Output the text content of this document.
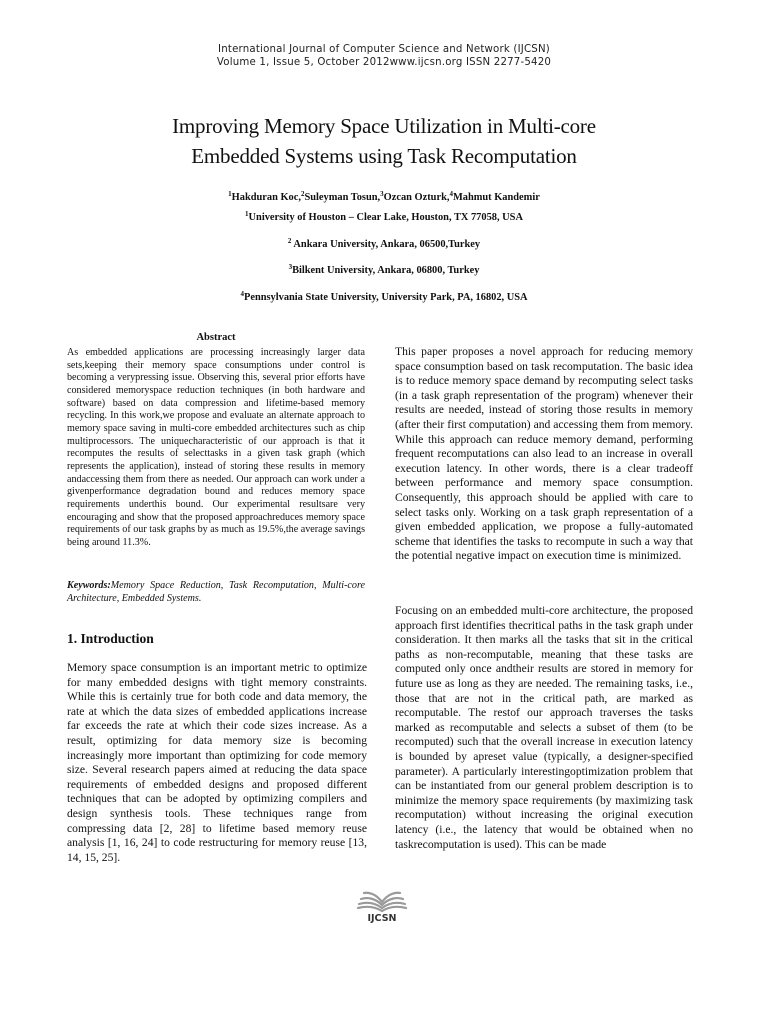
International Journal of Computer Science and Network (IJCSN)
Volume 1, Issue 5, October 2012www.ijcsn.org ISSN 2277-5420
Improving Memory Space Utilization in Multi-core
Embedded Systems using Task Recomputation
$^1$Hakduran Koc,$^2$Suleyman Tosun,$^3$Ozcan Ozturk,$^4$Mahmut Kandemir
$^1$University of Houston – Clear Lake, Houston, TX 77058, USA
$^2$ Ankara University, Ankara, 06500,Turkey
$^3$Bilkent University, Ankara, 06800, Turkey
$^4$Pennsylvania State University, University Park, PA, 16802, USA
Abstract
As embedded applications are processing increasingly larger data sets,keeping their memory space consumptions under control is becoming a verypressing issue. Observing this, several prior efforts have considered memoryspace reduction techniques (in both hardware and software) based on data compression and lifetime-based memory recycling. In this work,we propose and evaluate an alternate approach to memory space saving in multi-core embedded architectures such as chip multiprocessors. The uniquecharacteristic of our approach is that it recomputes the results of selecttasks in a given task graph (which represents the application), instead of storing these results in memory andaccessing them from there as needed. Our approach can work under a givenperformance degradation bound and reduces memory space requirements underthis bound. Our experimental resultsare very encouraging and show that the proposed approachreduces memory space requirements of our task graphs by as much as 19.5%,the average savings being around 11.3%.
Keywords:Memory Space Reduction, Task Recomputation, Multi-core Architecture, Embedded Systems.
1. Introduction
Memory space consumption is an important metric to optimize for many embedded designs with tight memory constraints. While this is certainly true for both code and data memory, the rate at which the data sizes of embedded applications increase far exceeds the rate at which their code sizes increase. As a result, optimizing for data memory size is becoming increasingly more important than optimizing for code memory size. Several research papers aimed at reducing the data space requirements of embedded designs and proposed different techniques that can be adopted by optimizing compilers and design synthesis tools. These techniques range from compressing data [2, 28] to lifetime based memory reuse analysis [1, 16, 24] to code restructuring for memory reuse [13, 14, 15, 25].
This paper proposes a novel approach for reducing memory space consumption based on task recomputation. The basic idea is to reduce memory space demand by recomputing select tasks (in a task graph representation of the program) whenever their results are needed, instead of storing those results in memory (after their first computation) and accessing them from memory. While this approach can reduce memory demand, performing frequent recomputations can also lead to an increase in overall execution latency. In other words, there is a clear tradeoff between performance and memory space consumption. Consequently, this approach should be applied with care to select tasks only. Working on a task graph representation of a given embedded application, we propose a fully-automated scheme that identifies the tasks to recompute in such a way that the potential negative impact on execution time is minimized.
Focusing on an embedded multi-core architecture, the proposed approach first identifies thecritical paths in the task graph under consideration. It then marks all the tasks that sit in the critical paths as non-recomputable, meaning that these tasks are computed only once andtheir results are stored in memory for future use as long as they are needed. The remaining tasks, i.e., those that are not in the critical path, are marked as recomputable. The restof our approach traverses the tasks marked as recomputable and selects a subset of them (to be recomputed) such that the overall increase in execution latency is bounded by apreset value (typically, a designer-specified parameter). A particularly interestingoptimization problem that can be instantiated from our general problem description is to minimize the memory space requirements (by maximizing task recomputation) without increasing the original execution latency (i.e., the latency that would be obtained when no taskrecomputation is used). This can be made
IJCSN
